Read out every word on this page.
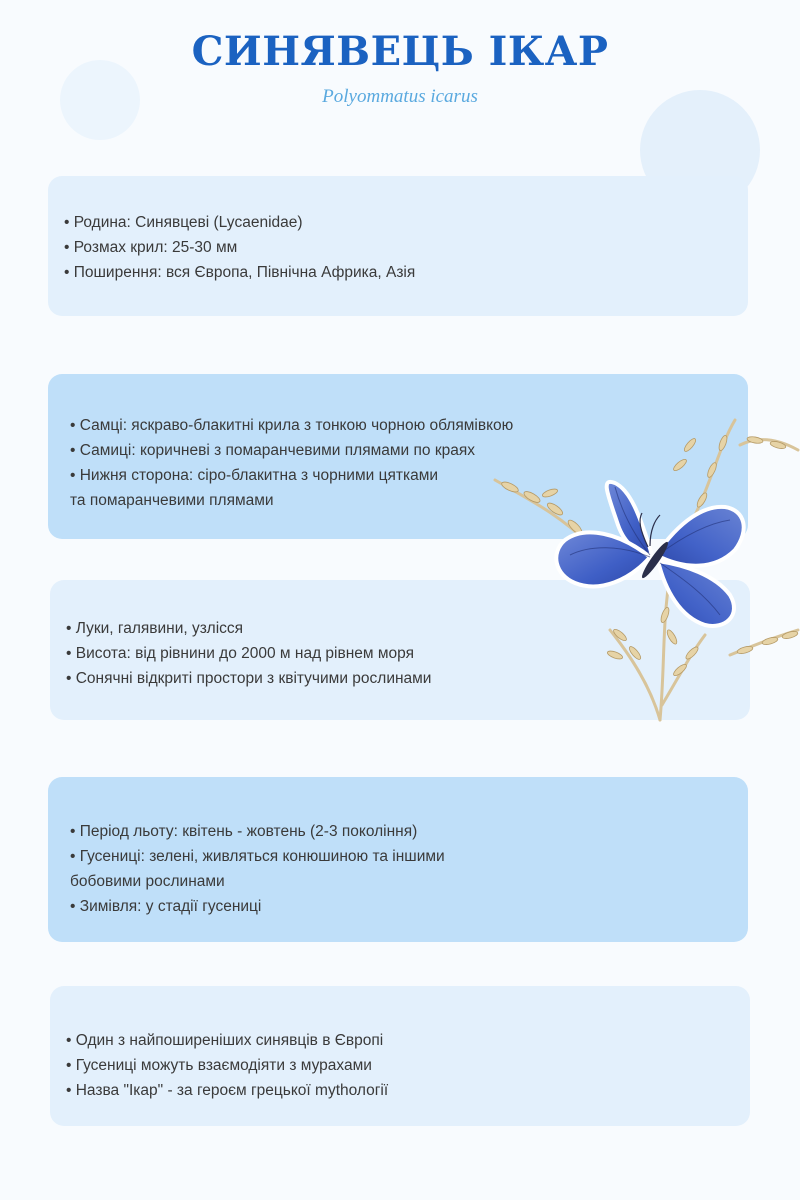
СИНЯВЕЦЬ ІКАР
Polyommatus icarus
• Родина: Синявцеві (Lycaenidae)
• Розмах крил: 25-30 мм
• Поширення: вся Європа, Північна Африка, Азія
• Самці: яскраво-блакитні крила з тонкою чорною облямівкою
• Самиці: коричневі з помаранчевими плямами по краях
• Нижня сторона: сіро-блакитна з чорними цятками
та помаранчевими плямами
• Луки, галявини, узлісся
• Висота: від рівнини до 2000 м над рівнем моря
• Сонячні відкриті простори з квітучими рослинами
• Період льоту: квітень - жовтень (2-3 покоління)
• Гусениці: зелені, живляться конюшиною та іншими
бобовими рослинами
• Зимівля: у стадії гусениці
• Один з найпоширеніших синявців в Європі
• Гусениці можуть взаємодіяти з мурахами
• Назва "Ікар" - за героєм грецької mythології
